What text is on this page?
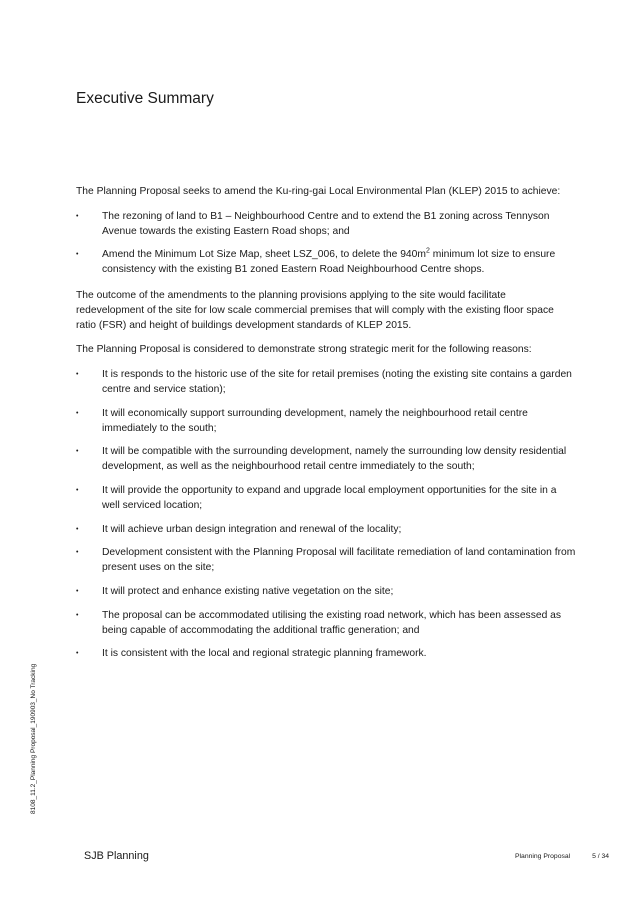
Executive Summary

The Planning Proposal seeks to amend the Ku-ring-gai Local Environmental Plan (KLEP) 2015 to achieve:

• The rezoning of land to B1 – Neighbourhood Centre and to extend the B1 zoning across Tennyson Avenue towards the existing Eastern Road shops; and
• Amend the Minimum Lot Size Map, sheet LSZ_006, to delete the $940m^2$ minimum lot size to ensure consistency with the existing B1 zoned Eastern Road Neighbourhood Centre shops.

The outcome of the amendments to the planning provisions applying to the site would facilitate redevelopment of the site for low scale commercial premises that will comply with the existing floor space ratio (FSR) and height of buildings development standards of KLEP 2015.

The Planning Proposal is considered to demonstrate strong strategic merit for the following reasons:

• It is responds to the historic use of the site for retail premises (noting the existing site contains a garden centre and service station);
• It will economically support surrounding development, namely the neighbourhood retail centre immediately to the south;
• It will be compatible with the surrounding development, namely the surrounding low density residential development, as well as the neighbourhood retail centre immediately to the south;
• It will provide the opportunity to expand and upgrade local employment opportunities for the site in a well serviced location;
• It will achieve urban design integration and renewal of the locality;
• Development consistent with the Planning Proposal will facilitate remediation of land contamination from present uses on the site;
• It will protect and enhance existing native vegetation on the site;
• The proposal can be accommodated utilising the existing road network, which has been assessed as being capable of accommodating the additional traffic generation; and
• It is consistent with the local and regional strategic planning framework.
8108_11.2_Planning Proposal_190903_No Tracking
SJB Planning	Planning Proposal	5 / 34
